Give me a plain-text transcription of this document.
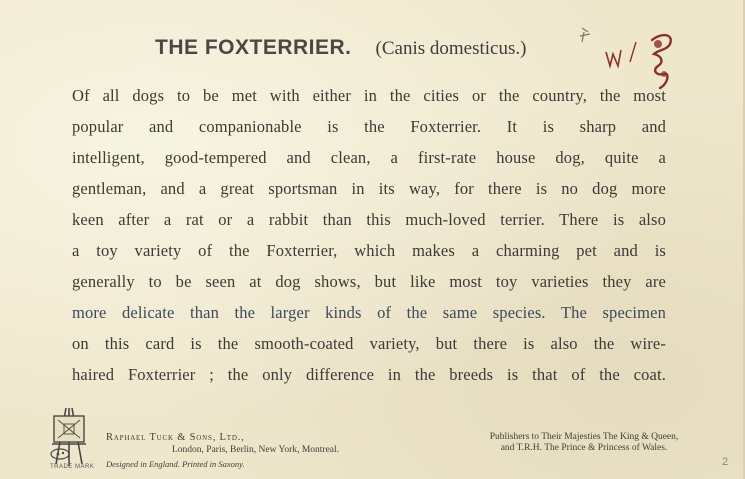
THE FOXTERRIER. (Canis domesticus.)
Of all dogs to be met with either in the cities or the country, the most
popular and companionable is the Foxterrier. It is sharp and
intelligent, good-tempered and clean, a first-rate house dog, quite a
gentleman, and a great sportsman in its way, for there is no dog more
keen after a rat or a rabbit than this much-loved terrier. There is also
a toy variety of the Foxterrier, which makes a charming pet and is
generally to be seen at dog shows, but like most toy varieties they are
more delicate than the larger kinds of the same species. The specimen
on this card is the smooth-coated variety, but there is also the wire-
haired Foxterrier ; the only difference in the breeds is that of the coat.
TRADE MARK
Raphael Tuck & Sons, Ltd.,
London, Paris, Berlin, New York, Montreal.
Designed in England. Printed in Saxony.
Publishers to Their Majesties The King & Queen,
and T.R.H. The Prince & Princess of Wales.
2
